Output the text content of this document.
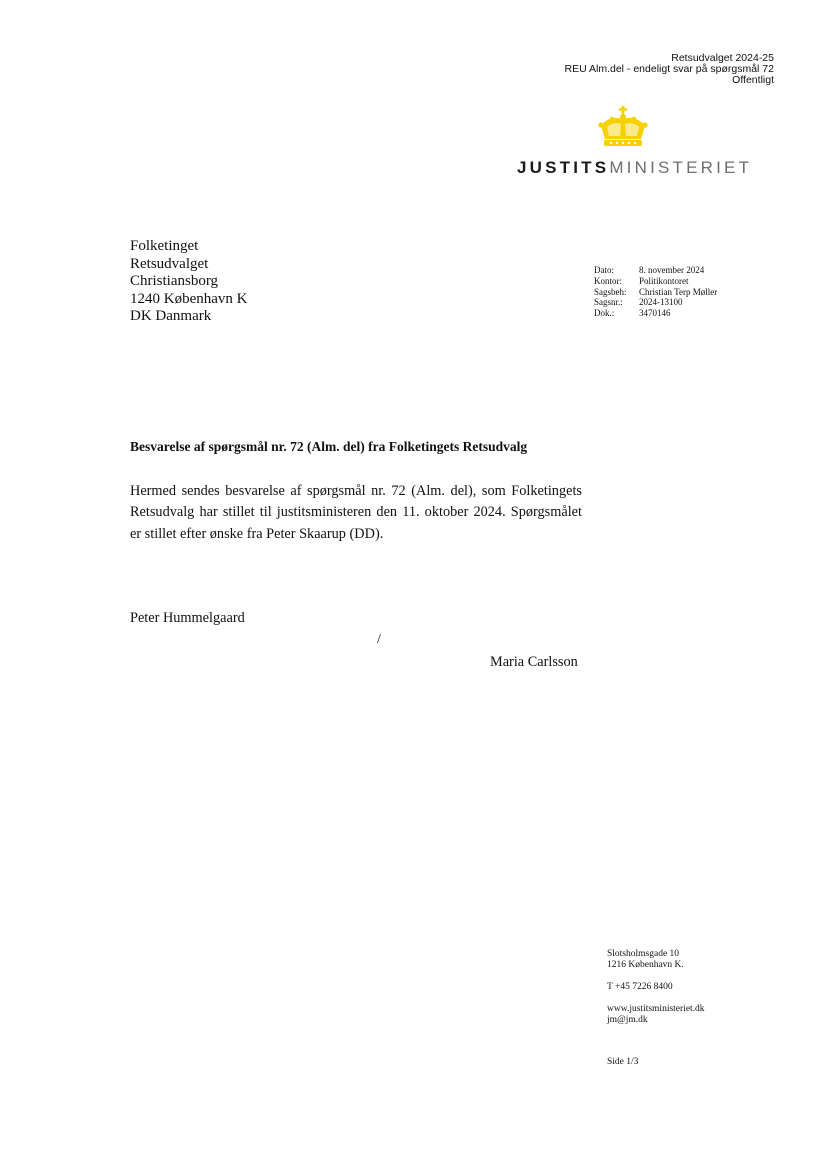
Retsudvalget 2024-25
REU Alm.del - endeligt svar på spørgsmål 72
Offentligt
JUSTITSMINISTERIET
Folketinget
Retsudvalget
Christiansborg
1240 København K
DK Danmark
Dato:	8. november 2024
Kontor:	Politikontoret
Sagsbeh:	Christian Terp Møller
Sagsnr.:	2024-13100
Dok.:	3470146
Besvarelse af spørgsmål nr. 72 (Alm. del) fra Folketingets Retsudvalg
Hermed sendes besvarelse af spørgsmål nr. 72 (Alm. del), som Folketingets Retsudvalg har stillet til justitsministeren den 11. oktober 2024. Spørgsmålet er stillet efter ønske fra Peter Skaarup (DD).
Peter Hummelgaard
/
Maria Carlsson
Slotsholmsgade 10
1216 København K.
T +45 7226 8400
www.justitsministeriet.dk
jm@jm.dk
Side 1/3
